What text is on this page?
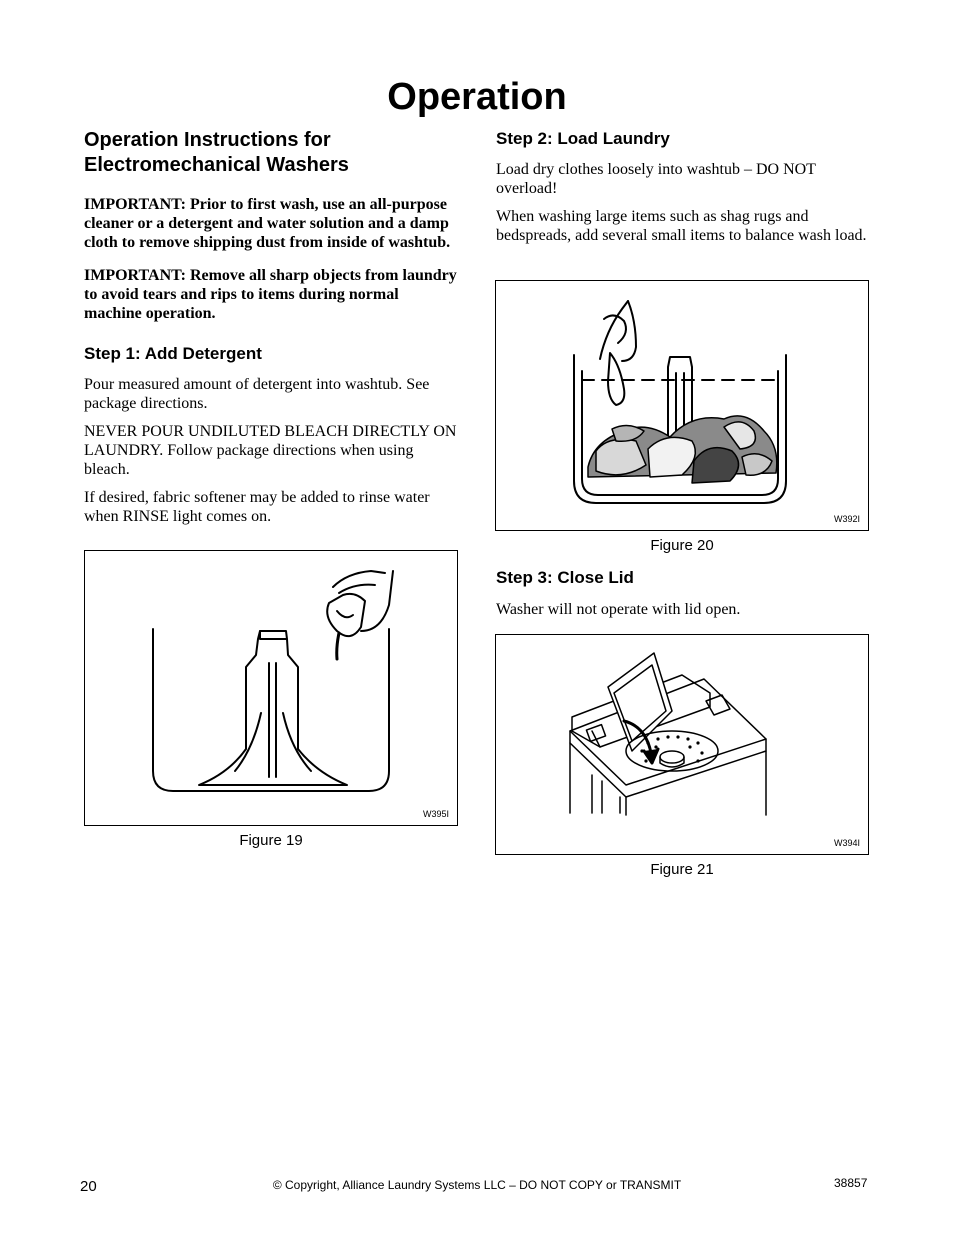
Operation
Operation Instructions for Electromechanical Washers

IMPORTANT: Prior to first wash, use an all-purpose cleaner or a detergent and water solution and a damp cloth to remove shipping dust from inside of washtub.

IMPORTANT: Remove all sharp objects from laundry to avoid tears and rips to items during normal machine operation.

Step 1: Add Detergent

Pour measured amount of detergent into washtub. See package directions.

NEVER POUR UNDILUTED BLEACH DIRECTLY ON LAUNDRY. Follow package directions when using bleach.

If desired, fabric softener may be added to rinse water when RINSE light comes on.

W395I
Figure 19
Step 2: Load Laundry

Load dry clothes loosely into washtub – DO NOT overload!

When washing large items such as shag rugs and bedspreads, add several small items to balance wash load.

W392I
Figure 20
Step 3: Close Lid

Washer will not operate with lid open.

W394I
Figure 21
20	© Copyright, Alliance Laundry Systems LLC – DO NOT COPY or TRANSMIT	38857
